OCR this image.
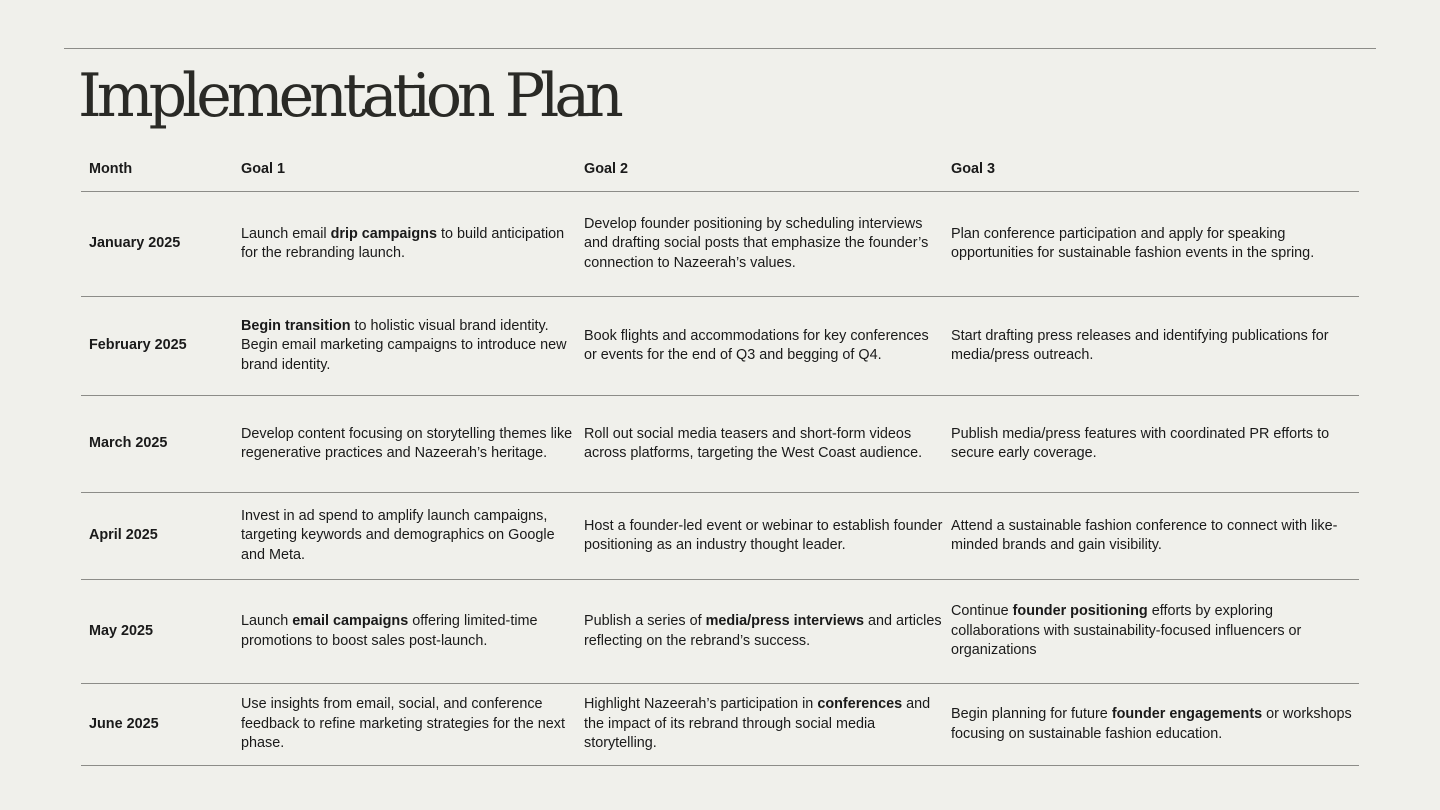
Implementation Plan
Month	Goal 1	Goal 2	Goal 3
January 2025	Launch email drip campaigns to build anticipation for the rebranding launch.	Develop founder positioning by scheduling interviews and drafting social posts that emphasize the founder’s connection to Nazeerah’s values.	Plan conference participation and apply for speaking opportunities for sustainable fashion events in the spring.
February 2025	Begin transition to holistic visual brand identity. Begin email marketing campaigns to introduce new brand identity.	Book flights and accommodations for key conferences or events for the end of Q3 and begging of Q4.	Start drafting press releases and identifying publications for media/press outreach.
March 2025	Develop content focusing on storytelling themes like regenerative practices and Nazeerah’s heritage.	Roll out social media teasers and short-form videos across platforms, targeting the West Coast audience.	Publish media/press features with coordinated PR efforts to secure early coverage.
April 2025	Invest in ad spend to amplify launch campaigns, targeting keywords and demographics on Google and Meta.	Host a founder-led event or webinar to establish founder positioning as an industry thought leader.	Attend a sustainable fashion conference to connect with like-minded brands and gain visibility.
May 2025	Launch email campaigns offering limited-time promotions to boost sales post-launch.	Publish a series of media/press interviews and articles reflecting on the rebrand’s success.	Continue founder positioning efforts by exploring collaborations with sustainability-focused influencers or organizations
June 2025	Use insights from email, social, and conference feedback to refine marketing strategies for the next phase.	Highlight Nazeerah’s participation in conferences and the impact of its rebrand through social media storytelling.	Begin planning for future founder engagements or workshops focusing on sustainable fashion education.
